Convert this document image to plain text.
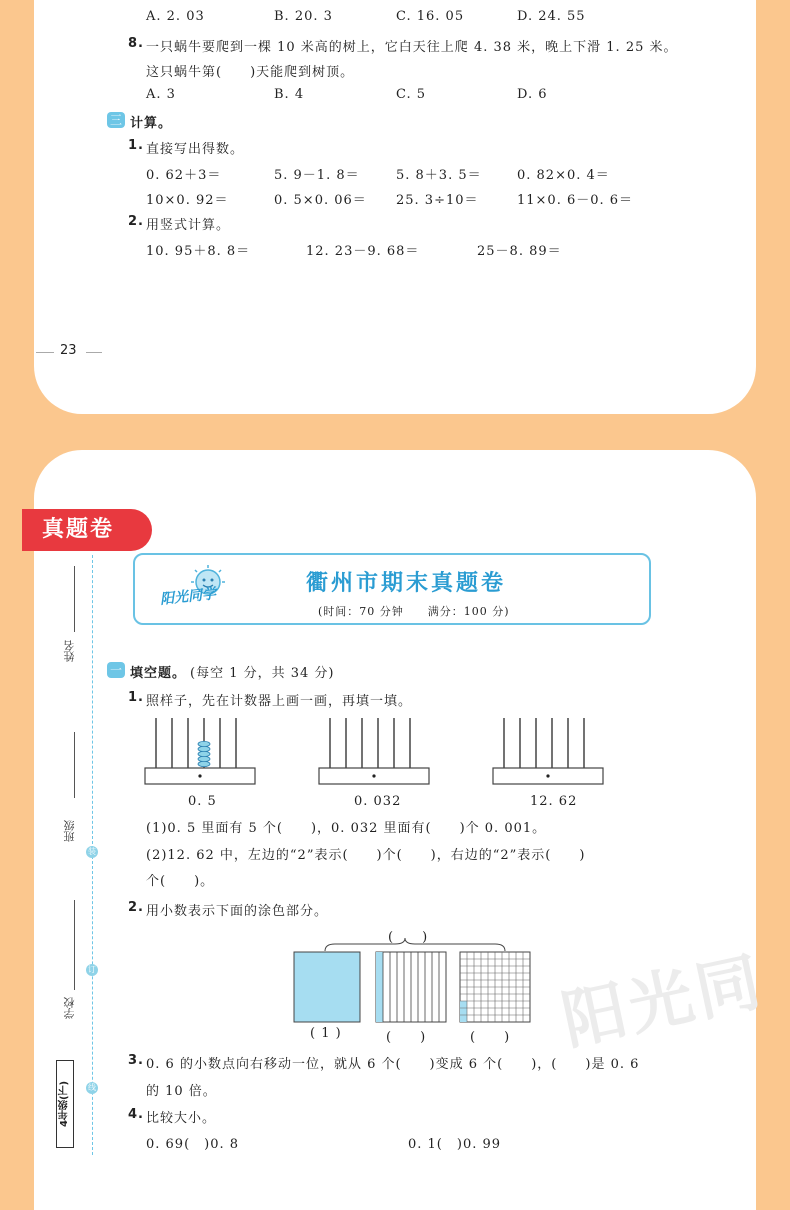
A. 2. 03	B. 20. 3	C. 16. 05	D. 24. 55
8. 一只蜗牛要爬到一棵 10 米高的树上，它白天往上爬 4. 38 米，晚上下滑 1. 25 米。
这只蜗牛第(　　)天能爬到树顶。
A. 3	B. 4	C. 5	D. 6
三 计算。
1. 直接写出得数。
0. 62＋3＝	5. 9－1. 8＝	5. 8＋3. 5＝	0. 82×0. 4＝
10×0. 92＝	0. 5×0. 06＝ 25. 3÷10＝	11×0. 6－0. 6＝
2. 用竖式计算。
10. 95＋8. 8＝	12. 23－9. 68＝	25－8. 89＝
23
阳光同
真题卷
阳光同学
衢州市期末真题卷
(时间：70 分钟　　满分：100 分)
姓名
班级
学校
装
订
线
4年级(下)
一 填空题。 (每空 1 分，共 34 分)
1. 照样子，先在计数器上画一画，再填一填。
0. 5	0. 032	12. 62
(1)0. 5 里面有 5 个(　　)，0. 032 里面有(　　)个 0. 001。
(2)12. 62 中，左边的“2”表示(　　)个(　　)，右边的“2”表示(　　)
个(　　)。
2. 用小数表示下面的涂色部分。
(　　)
( 1 )	(　　)	(　　)
3. 0. 6 的小数点向右移动一位，就从 6 个(　　)变成 6 个(　　)，(　　)是 0. 6
的 10 倍。
4. 比较大小。
0. 69(　)0. 8	0. 1(　)0. 99
